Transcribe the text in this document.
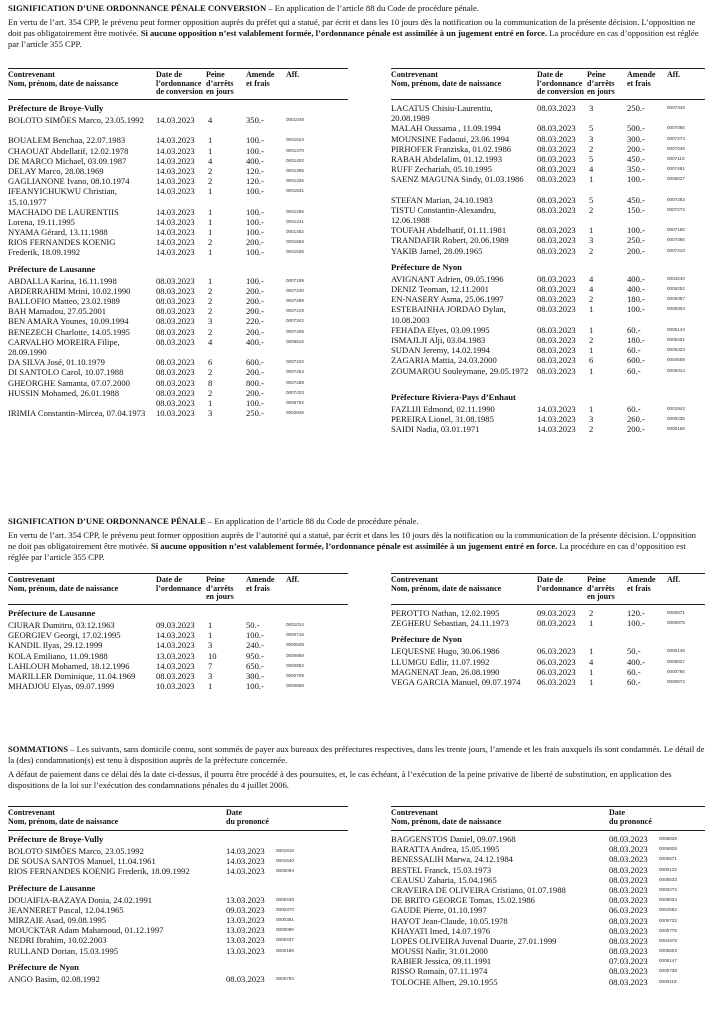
SIGNIFICATION D’UNE ORDONNANCE PÉNALE CONVERSION – En application de l’article 88 du Code de procédure pénale.

En vertu de l’art. 354 CPP, le prévenu peut former opposition auprès du préfet qui a statué, par écrit et dans les 10 jours dès la notification ou la communication de la présente décision. L’opposition ne doit pas obligatoirement être motivée. Si aucune opposition n’est valablement formée, l’ordonnance pénale est assimilée à un jugement entré en force. La procédure en cas d’opposition est réglée par l’article 355 CPP.

Contrevenant
Nom, prénom, date de naissance
Date de
l’ordonnance
de conversion
Peine
d’arrêts
en jours
Amende
et frais
Aff.
Préfecture de Broye-Vully
BOLOTO SIMÕES Marco, 23.05.1992	14.03.2023 4	350.-	0001048
BOUALEM Benchaa, 22.07.1983	14.03.2023 1	100.-	0001524
CHAOUAT Abdellatif, 12.02.1978	14.03.2023 1	100.-	0001470
DE MARCO Michael, 03.09.1987	14.03.2023 4	400.-	0001402
DELAY Marco, 28.08.1969	14.03.2023 2	120.-	0001395
GAGLIANONE Ivano, 08.10.1974	14.03.2023 2	120.-	0001335
IFEANYICHUKWU Christian, 15.10.1977
14.03.2023 1	100.-	0001531
MACHADO DE LAURENTIIS	14.03.2023 1	100.-	0001256
Lorena, 19.11.1995	14.03.2023 1	100.-	0001241
NYAMA Gérard, 13.11.1988	14.03.2023 1	100.-	0001452
RIOS FERNANDES KOENIG	14.03.2023 2	200.-	0001663
Frederik, 18.09.1992	14.03.2023 1	100.-	0001536
Préfecture de Lausanne
ABDALLA Karina, 16.11.1998	08.03.2023 1	100.-	0007199
ABDERRAHIM Mrini, 10.02.1990	08.03.2023 2	200.-	0007240
BALLOFIO Matteo, 23.02.1989	08.03.2023 2	200.-	0007269
BAH Mamadou, 27.05.2001	08.03.2023 2	200.-	0007419
BEN AMARA Younes, 10.09.1994	08.03.2023 3	220.-	0007342
BENEZECH Charlotte, 14.05.1995	08.03.2023 2	200.-	0007408
CARVALHO MOREIRA Filipe, 28.09.1990
08.03.2023 4	400.-	0006515
DA SILVA José, 01.10.1979	08.03.2023 6	600.-	0007102
DI SANTOLO Carol, 10.07.1988	08.03.2023 2	200.-	0007253
GHEORGHE Samanta, 07.07.2000	08.03.2023 8	800.-	0007268
HUSSIN Mohamed, 26.01.1988	08.03.2023 2	200.-	0007433
08.03.2023 1	100.-	0006792
IRIMIA Constantin-Mircea, 07.04.1973	10.03.2023 3	250.-	0002946
Contrevenant
Nom, prénom, date de naissance
Date de
l’ordonnance
de conversion
Peine
d’arrêts
en jours
Amende
et frais
Aff.
LACATUS Chisiu-Laurentiu, 20.08.1989
08.03.2023 3	250.-	0007346
MALAH Oussama , 11.09.1994	08.03.2023 5	500.-	0007060
MOUNSINE Fadaoui, 23.06.1994	08.03.2023 3	300.-	0007274
PIRHOFER Franziska, 01.02.1986	08.03.2023 2	200.-	0007046
RABAH Abdelalim, 01.12.1993	08.03.2023 5	450.-	0007110
RUFF Zechariah, 05.10.1995	08.03.2023 4	350.-	0007481
SAENZ MAGUNA Sindy, 01.03.1986	08.03.2023 1	100.-	0006627
STEFAN Marian, 24.10.1983	08.03.2023 5	450.-	0007283
TISTU Constantin-Alexandru, 12.06.1988
08.03.2023 2	150.-	0007273
TOUFAH Abdelhatif, 01.11.1981	08.03.2023 1	100.-	0007160
TRANDAFIR Robert, 20.06.1989	08.03.2023 3	250.-	0007360
YAKIB Jamel, 28.09.1965	08.03.2023 2	200.-	0007410
Préfecture de Nyon
AVIGNANT Adrien, 09.05.1996	08.03.2023 4	400.-	0004240
DENIZ Teoman, 12.11.2001	08.03.2023 4	400.-	0005252
EN-NASERY Asma, 25.06.1997	08.03.2023 2	180.-	0005357
ESTEBAINHA JORDAO Dylan, 10.08.2003
08.03.2023 1	100.-	0005304
FEHADA Elyes, 03.09.1995	08.03.2023 1	60.-	0005144
ISMAJLJI Alji, 03.04.1983	08.03.2023 2	180.-	0005401
SUDAN Jeremy, 14.02.1994	08.03.2023 1	60.-	0005323
ZAGARIA Mattia, 24.03.2000	08.03.2023 6	600.-	0004558
ZOUMAROU Souleymane, 29.05.1972	08.03.2023 1	60.-	0005314
Préfecture Riviera-Pays d’Enhaut
FAZLIJI Edmond, 02.11.1990	14.03.2023 1	60.-	0001942
PEREIRA Lionel, 31.08.1985	14.03.2023 3	260.-	0000235
SAIDI Nadia, 03.01.1971	14.03.2023 2	200.-	0000156

SIGNIFICATION D’UNE ORDONNANCE PÉNALE – En application de l’article 88 du Code de procédure pénale.

En vertu de l’art. 354 CPP, le prévenu peut former opposition auprès de l’autorité qui a statué, par écrit et dans les 10 jours dès la notification ou la communication de la présente décision. L’opposition ne doit pas obligatoirement être motivée. Si aucune opposition n’est valablement formée, l’ordonnance pénale est assimilée à un jugement entré en force. La procédure en cas d’opposition est réglée par l’article 355 CPP.

Contrevenant
Nom, prénom, date de naissance
Date de
l’ordonnance
Peine
d’arrêts
en jours
Amende
et frais
Aff.
Préfecture de Lausanne
CIURAR Dumitru, 03.12.1963	09.03.2023 1	50.-	0001014
GEORGIEV Georgi, 17.02.1995	14.03.2023 1	100.-	0000716
KANDIL Ilyas, 29.12.1999	14.03.2023 3	240.-	0000528
KOLA Emiliano, 11.09.1988	13.03.2023 10	950.-	0000859
LAHLOUH Mohamed, 18.12.1996	14.03.2023 7	650.-	0000862
MARILLER Dominique, 11.04.1969	08.03.2023 3	300.-	0000709
MHADJOU Elyas, 09.07.1999	10.03.2023 1	100.-	0000858
Contrevenant
Nom, prénom, date de naissance
Date de
l’ordonnance
Peine
d’arrêts
en jours
Amende
et frais
Aff.
PEROTTO Nathan, 12.02.1995	09.03.2023 2	120.-	0000871
ZEGHERU Sebastian, 24.11.1973	08.03.2023 1	100.-	0000975
Préfecture de Nyon
LEQUESNE Hugo, 30.06.1986	06.03.2023 1	50.-	0000145
LLUMGU Edlir, 11.07.1992	06.03.2023 4	400.-	0005827
MAGNENAT Jean, 26.08.1990	06.03.2023 1	60.-	0000760
VEGA GARCIA Manuel, 09.07.1974	06.03.2023 1	60.-	0000672

SOMMATIONS – Les suivants, sans domicile connu, sont sommés de payer aux bureaux des préfectures respectives, dans les trente jours, l’amende et les frais auxquels ils sont condamnés. Le détail de la (des) condamnation(s) est tenu à disposition auprès de la préfecture concernée.

A défaut de paiement dans ce délai dès la date ci-dessus, il pourra être procédé à des poursuites, et, le cas échéant, à l’exécution de la peine privative de liberté de substitution, en application des dispositions de la loi sur l’exécution des condamnations pénales du 4 juillet 2006.

Contrevenant
Nom, prénom, date de naissance
Date
du prononcé
Préfecture de Broye-Vully
BOLOTO SIMÕES Marco, 23.05.1992	14.03.2023 0001816
DE SOUSA SANTOS Manuel, 11.04.1961	14.03.2023 0001640
RIOS FERNANDES KOENIG Frederik, 18.09.1992	14.03.2023 0000094
Préfecture de Lausanne
DOUAIFIA-BAZAYA Donia, 24.02.1991	13.03.2023 0000438
JEANNERET Pascal, 12.04.1965	09.03.2023 0000370
MIRZAIE Asad, 09.08.1995	13.03.2023 0000381
MOUCKTAR Adam Mahamoud, 01.12.1997	13.03.2023 0000090
NEDRI Ibrahim, 10.02.2003	13.03.2023 0000437
RULLAND Dorian, 15.03.1995	13.03.2023 0000186
Préfecture de Nyon
ANGO Basim, 02.08.1992	08.03.2023 0005794
Contrevenant
Nom, prénom, date de naissance
Date
du prononcé
BAGGENSTOS Daniel, 09.07.1968	08.03.2023 0005828
BARATTA Andrea, 15.05.1995	08.03.2023 0005826
BENESSALIH Marwa, 24.12.1984	08.03.2023 0005571
BESTEL Franck, 15.03.1973	08.03.2023 0000122
CEAUSU Zaharia, 15.04.1965	08.03.2023 0005533
CRAVEIRA DE OLIVEIRA Cristiano, 01.07.1988	08.03.2023 0000273
DE BRITO GEORGE Tomas, 15.02.1986	08.03.2023 0005634
GAUDE Pierre, 01.10.1997	06.03.2023 0004582
HAYOT Jean-Claude, 10.05.1978	08.03.2023 0005732
KHAYATI Imed, 14.07.1976	08.03.2023 0005776
LOPES OLIVEIRA Juvenal Duarte, 27.01.1999	08.03.2023 0004478
MOUSSI Nadir, 31.01.2000	08.03.2023 0005503
RABIER Jessica, 09.11.1991	07.03.2023 0005147
RISSO Romain, 07.11.1974	08.03.2023 0005738
TOLOCHE Albert, 29.10.1955	08.03.2023 0000118
